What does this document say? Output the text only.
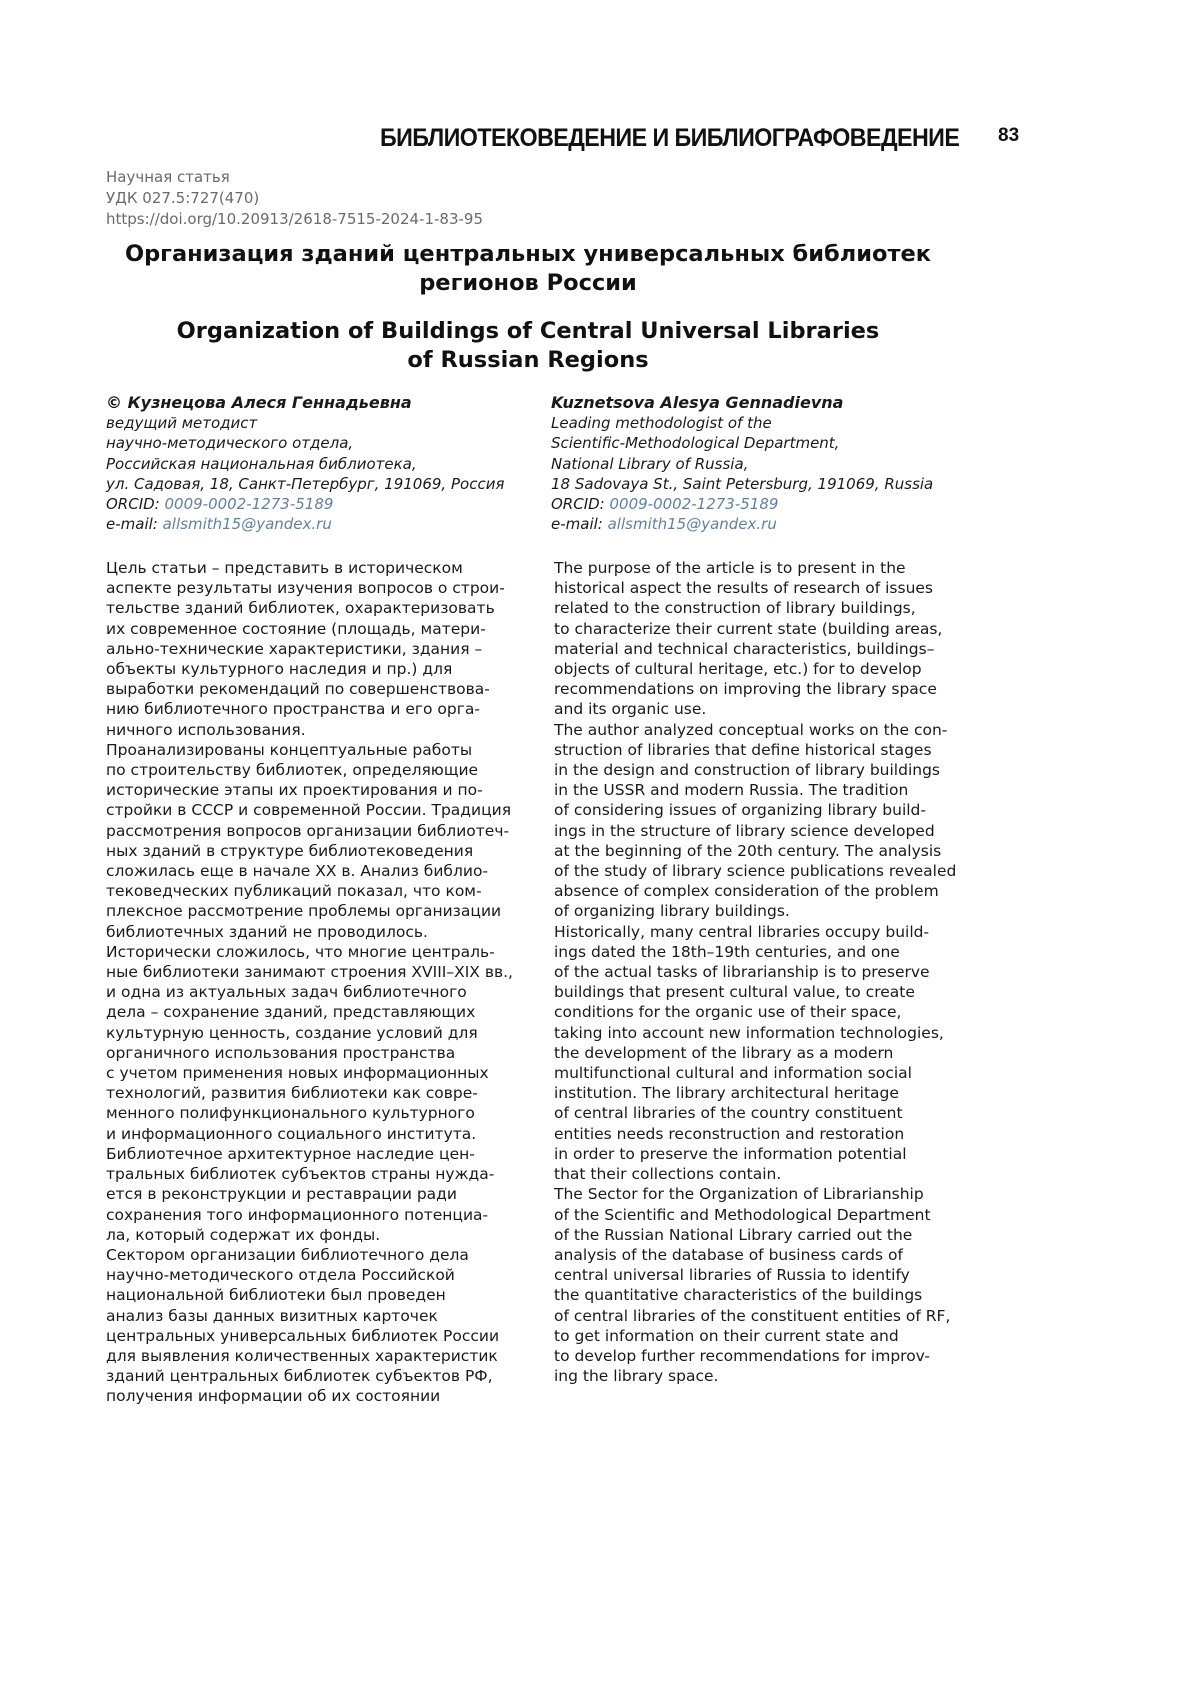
БИБЛИОТЕКОВЕДЕНИЕ И БИБЛИОГРАФОВЕДЕНИЕ 83
Научная статья
УДК 027.5:727(470)
https://doi.org/10.20913/2618-7515-2024-1-83-95
Организация зданий центральных универсальных библиотек
регионов России
Organization of Buildings of Central Universal Libraries
of Russian Regions
© Кузнецова Алеся Геннадьевна
ведущий методист
научно-методического отдела,
Российская национальная библиотека,
ул. Садовая, 18, Санкт-Петербург, 191069, Россия
ORCID: 0009-0002-1273-5189
e-mail: allsmith15@yandex.ru
Kuznetsova Alesya Gennadievna
Leading methodologist of the
Scientific-Methodological Department,
National Library of Russia,
18 Sadovaya St., Saint Petersburg, 191069, Russia
ORCID: 0009-0002-1273-5189
e-mail: allsmith15@yandex.ru
Цель статьи – представить в историческом
аспекте результаты изучения вопросов о строи-
тельстве зданий библиотек, охарактеризовать
их современное состояние (площадь, матери-
ально-технические характеристики, здания –
объекты культурного наследия и пр.) для
выработки рекомендаций по совершенствова-
нию библиотечного пространства и его орга-
ничного использования.
Проанализированы концептуальные работы
по строительству библиотек, определяющие
исторические этапы их проектирования и по-
стройки в СССР и современной России. Традиция
рассмотрения вопросов организации библиотеч-
ных зданий в структуре библиотековедения
сложилась еще в начале XX в. Анализ библио-
тековедческих публикаций показал, что ком-
плексное рассмотрение проблемы организации
библиотечных зданий не проводилось.
Исторически сложилось, что многие централь-
ные библиотеки занимают строения XVIII–XIX вв.,
и одна из актуальных задач библиотечного
дела – сохранение зданий, представляющих
культурную ценность, создание условий для
органичного использования пространства
с учетом применения новых информационных
технологий, развития библиотеки как совре-
менного полифункционального культурного
и информационного социального института.
Библиотечное архитектурное наследие цен-
тральных библиотек субъектов страны нужда-
ется в реконструкции и реставрации ради
сохранения того информационного потенциа-
ла, который содержат их фонды.
Сектором организации библиотечного дела
научно-методического отдела Российской
национальной библиотеки был проведен
анализ базы данных визитных карточек
центральных универсальных библиотек России
для выявления количественных характеристик
зданий центральных библиотек субъектов РФ,
получения информации об их состоянии
The purpose of the article is to present in the
historical aspect the results of research of issues
related to the construction of library buildings,
to characterize their current state (building areas,
material and technical characteristics, buildings–
objects of cultural heritage, etc.) for to develop
recommendations on improving the library space
and its organic use.
The author analyzed conceptual works on the con-
struction of libraries that define historical stages
in the design and construction of library buildings
in the USSR and modern Russia. The tradition
of considering issues of organizing library build-
ings in the structure of library science developed
at the beginning of the 20th century. The analysis
of the study of library science publications revealed
absence of complex consideration of the problem
of organizing library buildings.
Historically, many central libraries occupy build-
ings dated the 18th–19th centuries, and one
of the actual tasks of librarianship is to preserve
buildings that present cultural value, to create
conditions for the organic use of their space,
taking into account new information technologies,
the development of the library as a modern
multifunctional cultural and information social
institution. The library architectural heritage
of central libraries of the country constituent
entities needs reconstruction and restoration
in order to preserve the information potential
that their collections contain.
The Sector for the Organization of Librarianship
of the Scientific and Methodological Department
of the Russian National Library carried out the
analysis of the database of business cards of
central universal libraries of Russia to identify
the quantitative characteristics of the buildings
of central libraries of the constituent entities of RF,
to get information on their current state and
to develop further recommendations for improv-
ing the library space.
